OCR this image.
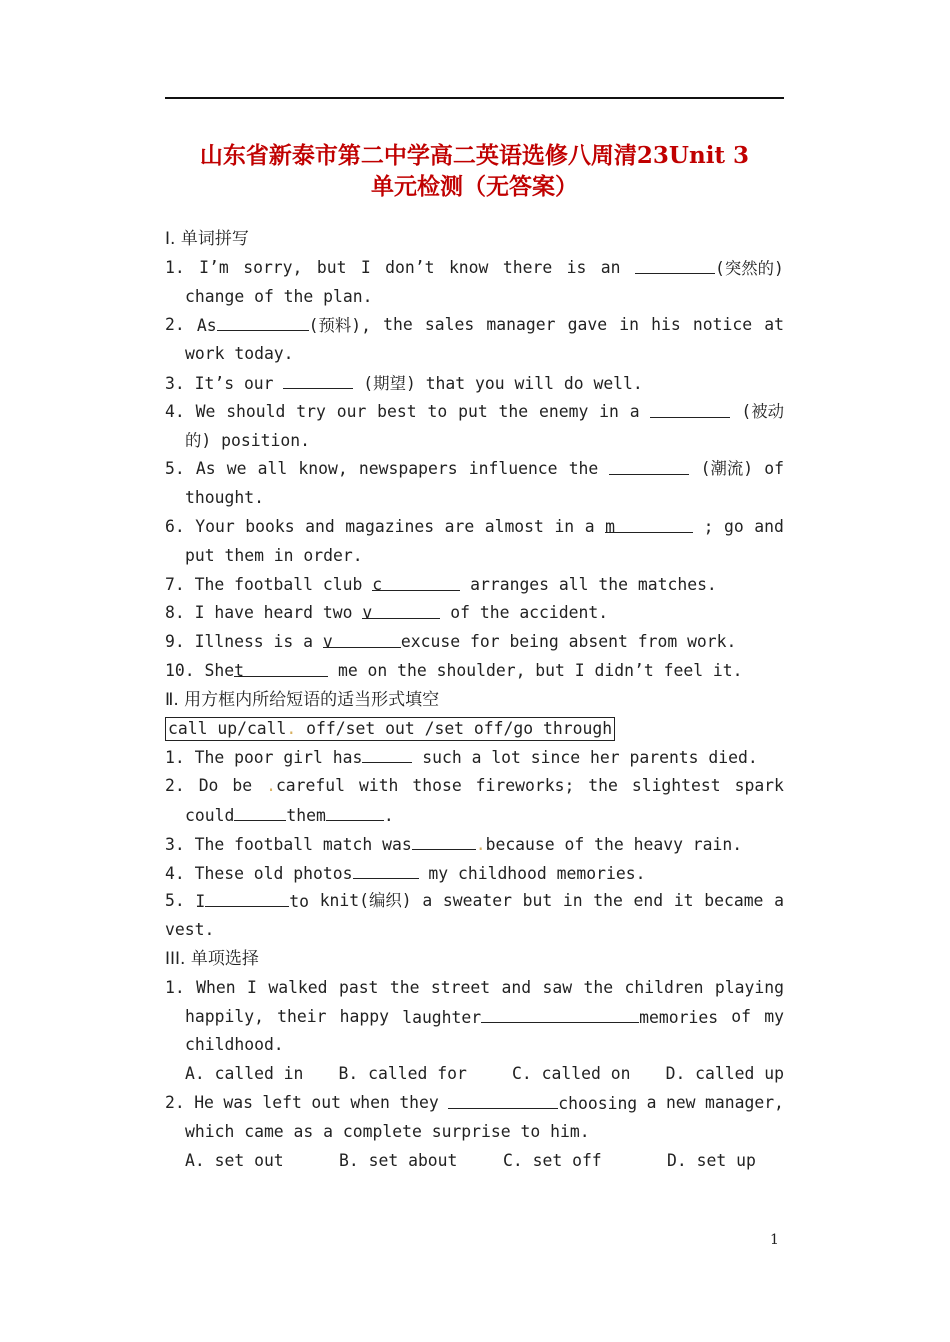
山东省新泰市第二中学高二英语选修八周清23Unit 3
单元检测（无答案）
Ⅰ. 单词拼写
1. I’m sorry, but I don’t know there is an	(突然的)
change of the plan.
2. As	(预料), the sales manager gave in his notice at
work today.
3. It’s our	(期望) that you will do well.
4. We should try our best to put the enemy in a	(被动
的) position.
5. As we all know, newspapers influence the	(潮流) of
thought.
6. Your books and magazines are almost in a m	; go and
put them in order.
7. The football club c	arranges all the matches.
8. I have heard two v	of the accident.
9. Illness is a v	excuse for being absent from work.
10. Shet	me on the shoulder, but I didn’t feel it.
Ⅱ. 用方框内所给短语的适当形式填空
call up/call. off/set out /set off/go through
1. The poor girl has	such a lot since her parents died.
2. Do be .careful with those fireworks; the slightest spark
could	them	.
3. The football match was	.because of the heavy rain.
4. These old photos	my childhood memories.
5. I	to knit(编织) a sweater but in the end it became a
vest.
III. 单项选择
1. When I walked past the street and saw the children playing
happily, their happy laughter	memories of my
childhood.
A. called in	B. called for	C. called on	D. called up
2. He was left out when they	choosing a new manager,
which came as a complete surprise to him.
A. set out	B. set about	C. set off	D. set up
1
